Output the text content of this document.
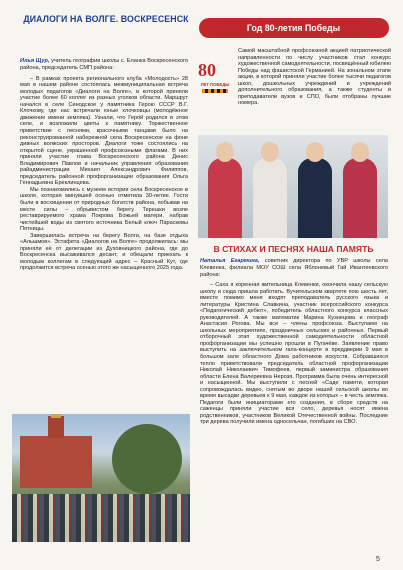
ДИАЛОГИ НА ВОЛГЕ. ВОСКРЕСЕНСК
Илья Щур, учитель географии школы с. Еланка Воскресенского района, председатель СМП района:

– В рамках проекта регионального клуба «Молодость» 28 мая в нашем районе состоялась межмуниципальная встреча молодых педагогов «Диалоги на Волге», в которой приняли участие более 60 коллег из разных уголков области. Маршрут начался в селе Синодское у памятника Герою СССР В.Г. Клочкову, где нас встречали юные хлочковцы (молодёжное движение имени земляка). Узнали, что Герой родился в этом селе, и возложили цветы к памятнику. Торжественное приветствие с песнями, красочными танцами было на реконструированной набережной села Воскресенское на фоне дивных волжских просторов. Диалоги тоже состоялись на открытой сцене, украшенной профсоюзными флагами. В них приняли участие глава Воскресенского района Денис Владимирович Павлов и начальник управления образования райадминистрации Михаил Александрович Филиппов, председатель районной профорганизации образования Ольга Геннадьевна Ереклинцева.

Мы познакомились с музеем истории села Воскресенское в школе, которая минувшей осенью отметила 30-летие. Гости были в восхищении от природных богатств района, побывав на месте силы – обрывистом берегу Терешки возле реставрируемого храма Покрова Божьей матери, набрав чистейшей воды из святого источника Белый ключ Параскевы Пятницы.

Завершилась встреча на берегу Волги, на базе отдыха «Альшмов». Эстафета «Диалогов на Волге» продолжилась: мы приняли её от делегации из Духовницкого района, где до Воскресенска высаживался десант, и обещали приехать к молодым коллегам в следующий адрес – Красный Кут, где продолжится встреча осенью этого же насыщенного 2025 года.

Год 80-летия Победы
80
ЛЕТ ПОБЕДЫ

Самой масштабной профсоюзной акцией патриотической направленности по числу участников стал конкурс художественной самодеятельности, посвящённый юбилею Победы над фашистской Германией. На зональном этапе акции, в которой приняли участие более тысячи педагогов школ, дошкольных учреждений и учреждений дополнительного образования, а также студенты и преподаватели вузов и СПО, были отобраны лучшие номера.

В СТИХАХ И ПЕСНЯХ НАША ПАМЯТЬ
Наталья Егармина, советник директора по УВР школы села Клевенка, филиала МОУ СОШ села Яблоневый Гай Ивантеевского района:

– Саха я коренная жительница Клевенки, окончила нашу сельскую школу и сюда пришла работать. Вучительском квартете пою шесть лет, вместе помимо меня входят преподаватель русского языка и литературы Кристина Славкина, участник всероссийского конкурса «Педагогический дебют», победитель областного конкурса классных руководителей. А также математик Марина Кузнецова и географ Анастасия Рогова. Мы все – члены профсоюза. Выступаем на школьных мероприятиях, праздничных сельских и районных. Первый отборочный этап художественной самодеятельности областной профорганизации мы успешно прошли в Пугачёве. Заявление право выступить на заключительном гала-концерте в преддверии 9 мая в большом зале областного Дома работников искусств. Собравшихся тепло приветствовали председатель областной профорганизации Николай Николаевич Тимофеев, первый заминистра образования области Елена Валериевна Нерозя. Программа была очень интересной и насыщенной. Мы выступили с песней «Саде памяти, которая сопровождалась видео, снятым во дворе нашей сельской школы во время высадки деревьев к 9 мая, каждое из которых – в честь земляка. Педагоги были инициаторами его создания, в сборе средств на саженцы приняли участие вся село, деревья носят имена родственников, участников Великой Отечественной войны. Последние три дерева получили имена односельчан, погибших на СВО.

5
